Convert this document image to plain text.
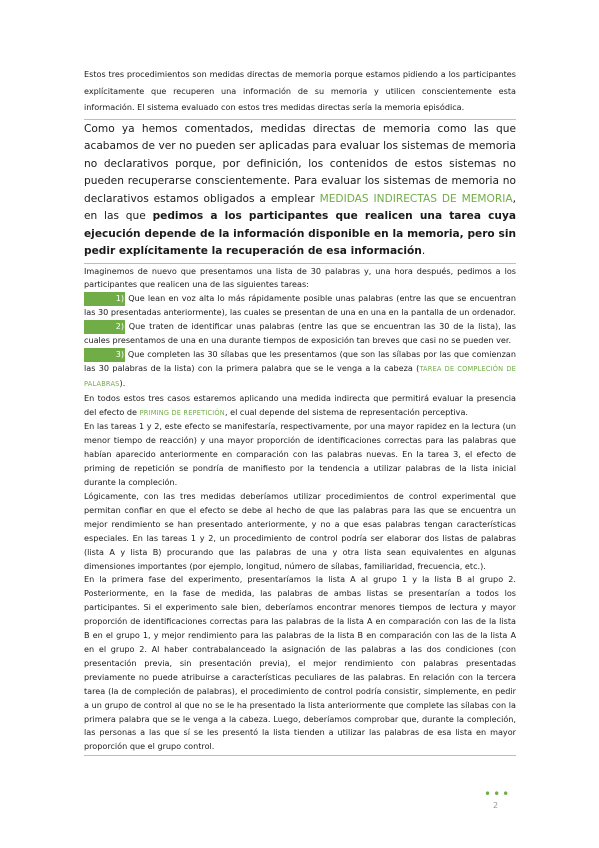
Estos tres procedimientos son medidas directas de memoria porque estamos pidiendo a los participantes explícitamente que recuperen una información de su memoria y utilicen conscientemente esta información. El sistema evaluado con estos tres medidas directas sería la memoria episódica.

Como ya hemos comentados, medidas directas de memoria como las que acabamos de ver no pueden ser aplicadas para evaluar los sistemas de memoria no declarativos porque, por definición, los contenidos de estos sistemas no pueden recuperarse conscientemente. Para evaluar los sistemas de memoria no declarativos estamos obligados a emplear MEDIDAS INDIRECTAS DE MEMORIA, en las que pedimos a los participantes que realicen una tarea cuya ejecución depende de la información disponible en la memoria, pero sin pedir explícitamente la recuperación de esa información.

Imaginemos de nuevo que presentamos una lista de 30 palabras y, una hora después, pedimos a los participantes que realicen una de las siguientes tareas:

1) Que lean en voz alta lo más rápidamente posible unas palabras (entre las que se encuentran las 30 presentadas anteriormente), las cuales se presentan de una en una en la pantalla de un ordenador.

2) Que traten de identificar unas palabras (entre las que se encuentran las 30 de la lista), las cuales presentamos de una en una durante tiempos de exposición tan breves que casi no se pueden ver.

3) Que completen las 30 sílabas que les presentamos (que son las sílabas por las que comienzan las 30 palabras de la lista) con la primera palabra que se le venga a la cabeza (TAREA DE COMPLECIÓN DE PALABRAS).

En todos estos tres casos estaremos aplicando una medida indirecta que permitirá evaluar la presencia del efecto de PRIMING DE REPETICIÓN, el cual depende del sistema de representación perceptiva.

En las tareas 1 y 2, este efecto se manifestaría, respectivamente, por una mayor rapidez en la lectura (un menor tiempo de reacción) y una mayor proporción de identificaciones correctas para las palabras que habían aparecido anteriormente en comparación con las palabras nuevas. En la tarea 3, el efecto de priming de repetición se pondría de manifiesto por la tendencia a utilizar palabras de la lista inicial durante la compleción.

Lógicamente, con las tres medidas deberíamos utilizar procedimientos de control experimental que permitan confiar en que el efecto se debe al hecho de que las palabras para las que se encuentra un mejor rendimiento se han presentado anteriormente, y no a que esas palabras tengan características especiales. En las tareas 1 y 2, un procedimiento de control podría ser elaborar dos listas de palabras (lista A y lista B) procurando que las palabras de una y otra lista sean equivalentes en algunas dimensiones importantes (por ejemplo, longitud, número de sílabas, familiaridad, frecuencia, etc.).

En la primera fase del experimento, presentaríamos la lista A al grupo 1 y la lista B al grupo 2. Posteriormente, en la fase de medida, las palabras de ambas listas se presentarían a todos los participantes. Si el experimento sale bien, deberíamos encontrar menores tiempos de lectura y mayor proporción de identificaciones correctas para las palabras de la lista A en comparación con las de la lista B en el grupo 1, y mejor rendimiento para las palabras de la lista B en comparación con las de la lista A en el grupo 2. Al haber contrabalanceado la asignación de las palabras a las dos condiciones (con presentación previa, sin presentación previa), el mejor rendimiento con palabras presentadas previamente no puede atribuirse a características peculiares de las palabras. En relación con la tercera tarea (la de compleción de palabras), el procedimiento de control podría consistir, simplemente, en pedir a un grupo de control al que no se le ha presentado la lista anteriormente que complete las sílabas con la primera palabra que se le venga a la cabeza. Luego, deberíamos comprobar que, durante la compleción, las personas a las que sí se les presentó la lista tienden a utilizar las palabras de esa lista en mayor proporción que el grupo control.

•••
2
